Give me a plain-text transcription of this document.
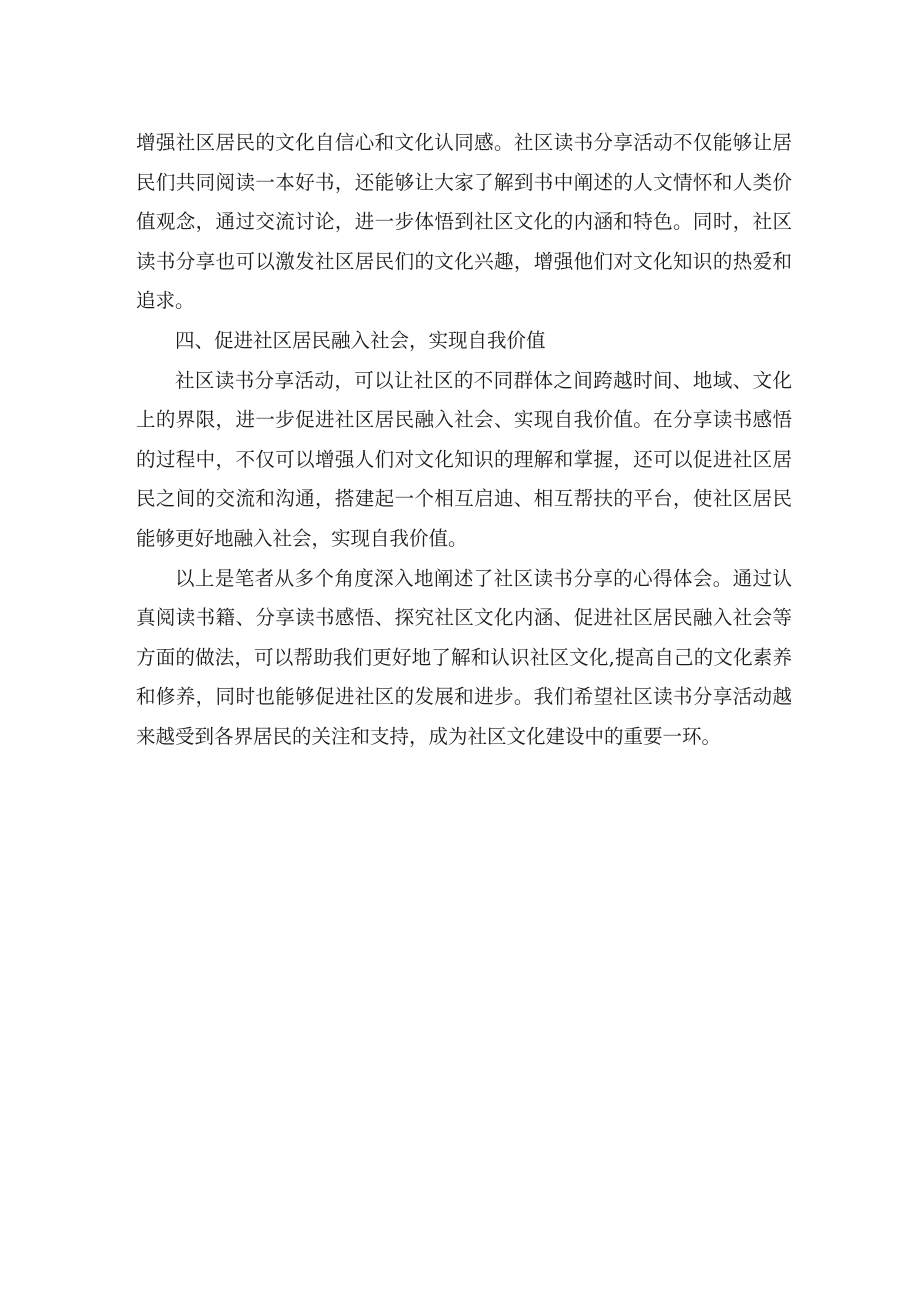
增强社区居民的文化自信心和文化认同感。社区读书分享活动不仅能够让居民们共同阅读一本好书，还能够让大家了解到书中阐述的人文情怀和人类价值观念，通过交流讨论，进一步体悟到社区文化的内涵和特色。同时，社区读书分享也可以激发社区居民们的文化兴趣，增强他们对文化知识的热爱和追求。

四、促进社区居民融入社会，实现自我价值

社区读书分享活动，可以让社区的不同群体之间跨越时间、地域、文化上的界限，进一步促进社区居民融入社会、实现自我价值。在分享读书感悟的过程中，不仅可以增强人们对文化知识的理解和掌握，还可以促进社区居民之间的交流和沟通，搭建起一个相互启迪、相互帮扶的平台，使社区居民能够更好地融入社会，实现自我价值。

以上是笔者从多个角度深入地阐述了社区读书分享的心得体会。通过认真阅读书籍、分享读书感悟、探究社区文化内涵、促进社区居民融入社会等方面的做法，可以帮助我们更好地了解和认识社区文化,提高自己的文化素养和修养，同时也能够促进社区的发展和进步。我们希望社区读书分享活动越来越受到各界居民的关注和支持，成为社区文化建设中的重要一环。
